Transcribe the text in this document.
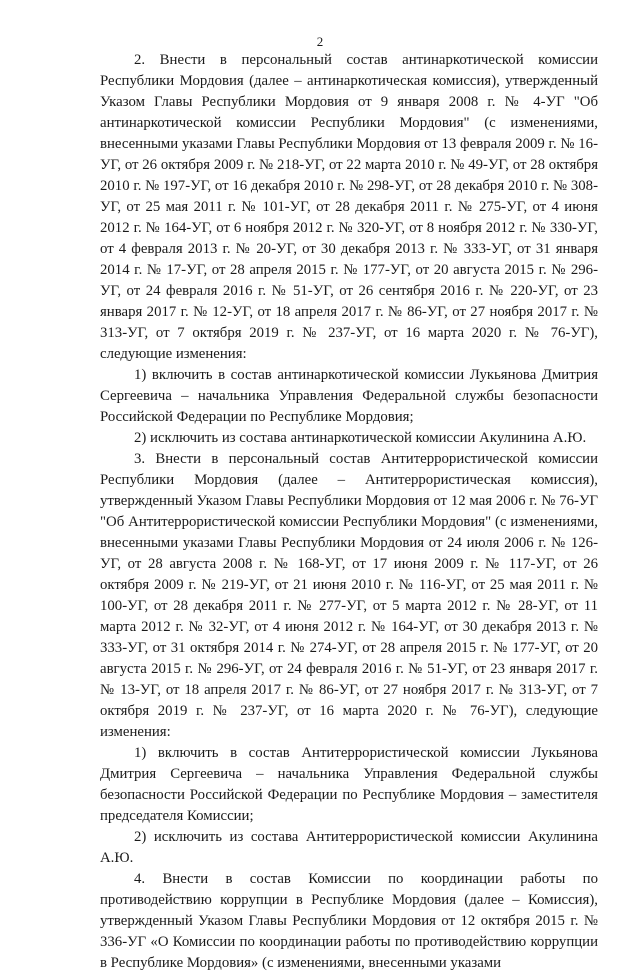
2

2. Внести в персональный состав антинаркотической комиссии Республики Мордовия (далее – антинаркотическая комиссия), утвержденный Указом Главы Республики Мордовия от 9 января 2008 г. № 4-УГ "Об антинаркотической комиссии Республики Мордовия" (с изменениями, внесенными указами Главы Республики Мордовия от 13 февраля 2009 г. № 16-УГ, от 26 октября 2009 г. № 218-УГ, от 22 марта 2010 г. № 49-УГ, от 28 октября 2010 г. № 197-УГ, от 16 декабря 2010 г. № 298-УГ, от 28 декабря 2010 г. № 308-УГ, от 25 мая 2011 г. № 101-УГ, от 28 декабря 2011 г. № 275-УГ, от 4 июня 2012 г. № 164-УГ, от 6 ноября 2012 г. № 320-УГ, от 8 ноября 2012 г. № 330-УГ, от 4 февраля 2013 г. № 20-УГ, от 30 декабря 2013 г. № 333-УГ, от 31 января 2014 г. № 17-УГ, от 28 апреля 2015 г. № 177-УГ, от 20 августа 2015 г. № 296-УГ, от 24 февраля 2016 г. № 51-УГ, от 26 сентября 2016 г. № 220-УГ, от 23 января 2017 г. № 12-УГ, от 18 апреля 2017 г. № 86-УГ, от 27 ноября 2017 г. № 313-УГ, от 7 октября 2019 г. № 237-УГ, от 16 марта 2020 г. № 76-УГ), следующие изменения:

1) включить в состав антинаркотической комиссии Лукьянова Дмитрия Сергеевича – начальника Управления Федеральной службы безопасности Российской Федерации по Республике Мордовия;

2) исключить из состава антинаркотической комиссии Акулинина А.Ю.

3. Внести в персональный состав Антитеррористической комиссии Республики Мордовия (далее – Антитеррористическая комиссия), утвержденный Указом Главы Республики Мордовия от 12 мая 2006 г. № 76-УГ "Об Антитеррористической комиссии Республики Мордовия" (с изменениями, внесенными указами Главы Республики Мордовия от 24 июля 2006 г. № 126-УГ, от 28 августа 2008 г. № 168-УГ, от 17 июня 2009 г. № 117-УГ, от 26 октября 2009 г. № 219-УГ, от 21 июня 2010 г. № 116-УГ, от 25 мая 2011 г. № 100-УГ, от 28 декабря 2011 г. № 277-УГ, от 5 марта 2012 г. № 28-УГ, от 11 марта 2012 г. № 32-УГ, от 4 июня 2012 г. № 164-УГ, от 30 декабря 2013 г. № 333-УГ, от 31 октября 2014 г. № 274-УГ, от 28 апреля 2015 г. № 177-УГ, от 20 августа 2015 г. № 296-УГ, от 24 февраля 2016 г. № 51-УГ, от 23 января 2017 г. № 13-УГ, от 18 апреля 2017 г. № 86-УГ, от 27 ноября 2017 г. № 313-УГ, от 7 октября 2019 г. № 237-УГ, от 16 марта 2020 г. № 76-УГ), следующие изменения:

1) включить в состав Антитеррористической комиссии Лукьянова Дмитрия Сергеевича – начальника Управления Федеральной службы безопасности Российской Федерации по Республике Мордовия – заместителя председателя Комиссии;

2) исключить из состава Антитеррористической комиссии Акулинина А.Ю.

4. Внести в состав Комиссии по координации работы по противодействию коррупции в Республике Мордовия (далее – Комиссия), утвержденный Указом Главы Республики Мордовия от 12 октября 2015 г. № 336-УГ «О Комиссии по координации работы по противодействию коррупции в Республике Мордовия» (с изменениями, внесенными указами
